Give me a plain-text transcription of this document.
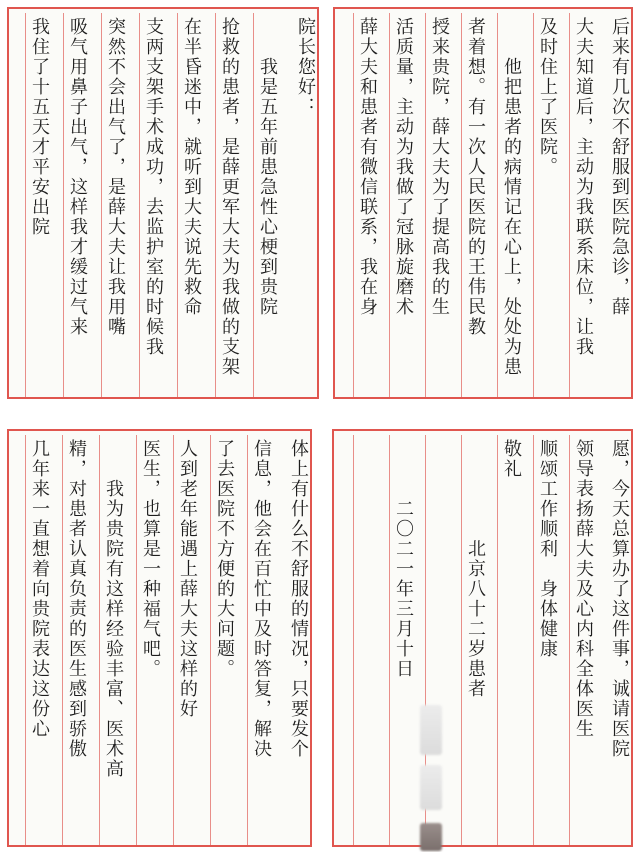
院长您好：
　　我是五年前患急性心梗到贵院
抢救的患者，是薛更军大夫为我做的支架
在半昏迷中，就听到大夫说先救命
支两支架手术成功，去监护室的时候我
突然不会出气了，是薛大夫让我用嘴
吸气用鼻子出气，这样我才缓过气来
我住了十五天才平安出院	后来有几次不舒服到医院急诊，薛
大夫知道后，主动为我联系床位，让我
及时住上了医院。
　　他把患者的病情记在心上，处处为患
者着想。有一次人民医院的王伟民教
授来贵院，薛大夫为了提高我的生
活质量，主动为我做了冠脉旋磨术
薛大夫和患者有微信联系，我在身
体上有什么不舒服的情况，只要发个
信息，他会在百忙中及时答复，解决
了去医院不方便的大问题。
人到老年能遇上薛大夫这样的好
医生，也算是一种福气吧。
　　我为贵院有这样经验丰富、医术高
精，对患者认真负责的医生感到骄傲
几年来一直想着向贵院表达这份心	愿，今天总算办了这件事，诚请医院
领导表扬薛大夫及心内科全体医生
顺颂工作顺利　身体健康
敬礼
　　　　　北京八十二岁患者
　　　二〇二一年三月十日
